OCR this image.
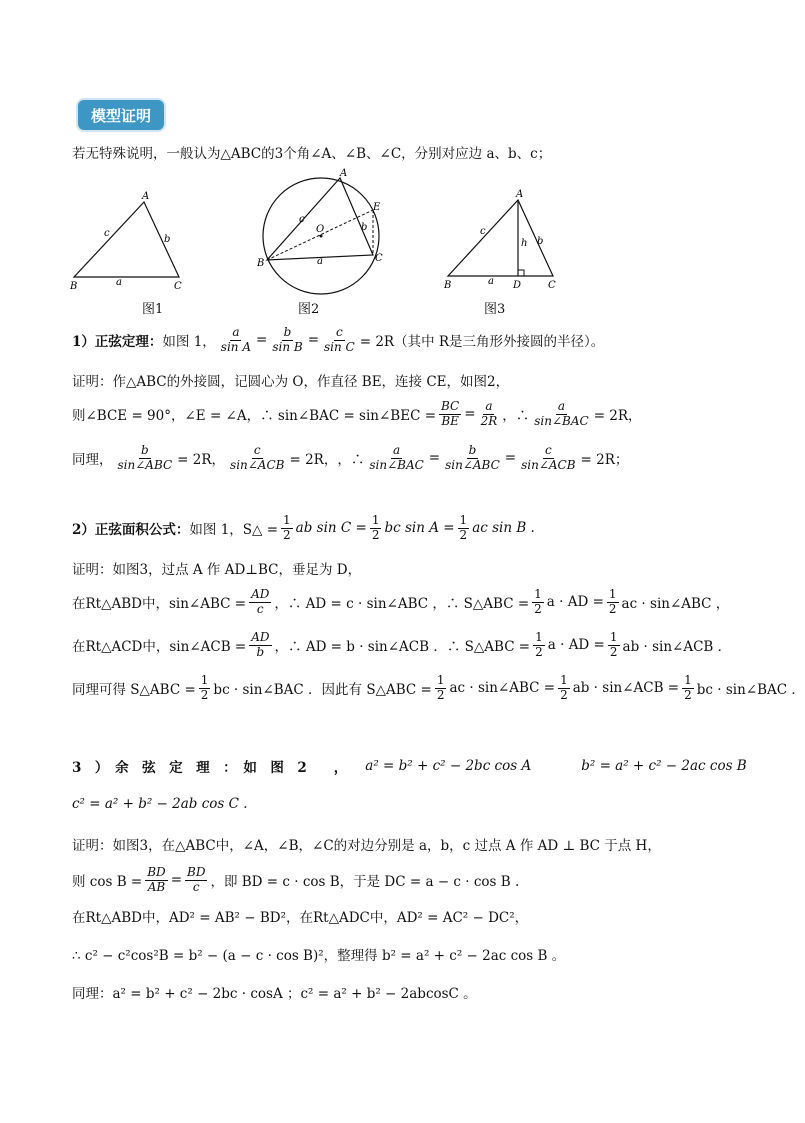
模型证明
若无特殊说明，一般认为△ABC的3个角∠A、∠B、∠C，分别对应边 a、b、c；
A
B	C
a
b
c
A
B	C
E
O
a
b
c
A
B	C
D
a
b
c
h
图1	图2	图3
1）正弦定理： 如图 1， $\frac{a}{\text{sin A}} = \frac{b}{\text{sin B}} = \frac{c}{\text{sin C}} = 2R$（其中 R是三角形外接圆的半径）。
证明：作△ABC的外接圆，记圆心为 O，作直径 BE，连接 CE，如图2，
则∠BCE = 90°，∠E = ∠A，∴ sin∠BAC = sin∠BEC = $\frac{BC}{BE} = \frac{a}{2R}$ ，∴ $\frac{a}{\text{sin∠BAC}} = 2R$，
同理， $\frac{b}{\text{sin∠ABC}} = 2R$， $\frac{c}{\text{sin∠ACB}} = 2R$， ，∴ $\frac{a}{\text{sin∠BAC}} = \frac{b}{\text{sin∠ABC}} = \frac{c}{\text{sin∠ACB}} = 2R$；
2）正弦面积公式： 如图 1，S△ = $\frac{1}{2}$ ab $\sin C = \frac{1}{2}$ bc $\sin A = \frac{1}{2}$ ac sin B .
证明：如图3，过点 A 作 AD⊥BC，垂足为 D，
在Rt△ABD中，sin∠ABC = $\frac{AD}{c}$ ，∴ AD = c · sin∠ABC ，∴ S△ABC = $\frac{1}{2}$ a · AD = $\frac{1}{2}$ ac · sin∠ABC ，
在Rt△ACD中，sin∠ACB = $\frac{AD}{b}$ ，∴ AD = b · sin∠ACB ．∴ S△ABC = $\frac{1}{2}$ a · AD = $\frac{1}{2}$ ab · sin∠ACB ．
同理可得 S△ABC = $\frac{1}{2}$ bc · sin∠BAC ．因此有 S△ABC = $\frac{1}{2}$ ac · sin∠ABC = $\frac{1}{2}$ ab · sin∠ACB = $\frac{1}{2}$ bc · sin∠BAC ．
3　）　余　弦　定　理　：　如　图　2　　， a² = b² + c² − 2bc cos A	b² = a² + c² − 2ac cos B
c² = a² + b² − 2ab cos C .
证明：如图3，在△ABC中，∠A，∠B，∠C的对边分别是 a，b，c 过点 A 作 AD ⊥ BC 于点 H，
则 $\cos B = \frac{BD}{AB} = \frac{BD}{c}$ ，即 BD = c · cos B，于是 DC = a − c · cos B .
在Rt△ABD中，AD² = AB² − BD²，在Rt△ADC中，AD² = AC² − DC²，
∴ c² − c²cos²B = b² − (a − c · cos B)²，整理得 b² = a² + c² − 2ac cos B 。
同理：a² = b² + c² − 2bc · cosA ；c² = a² + b² − 2abcosC 。
